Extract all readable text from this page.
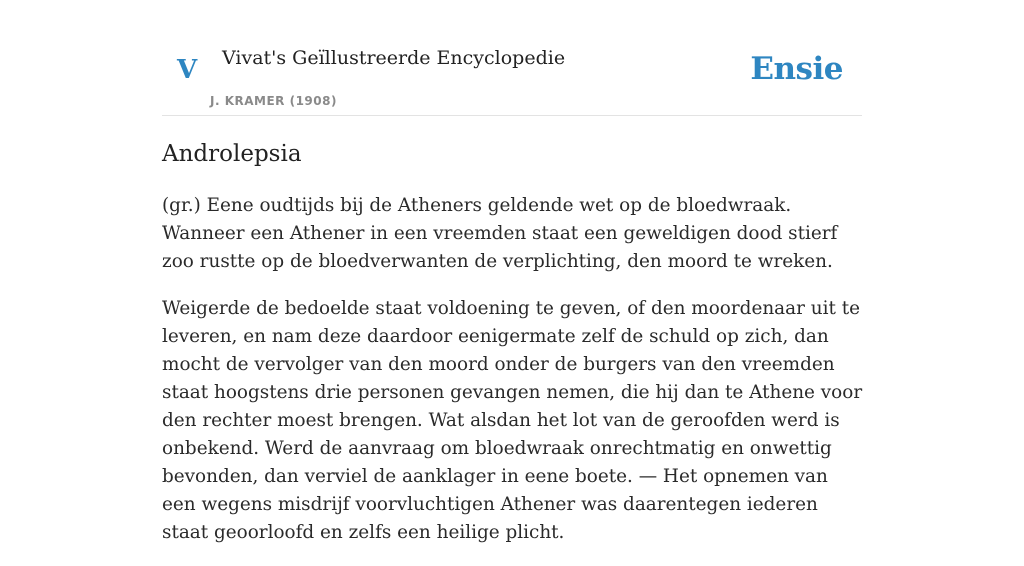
V Vivat's Geïllustreerde Encyclopedie
J. KRAMER (1908)
Ensie
Androlepsia

(gr.) Eene oudtijds bij de Atheners geldende wet op de bloedwraak. Wanneer een Athener in een vreemden staat een geweldigen dood stierf zoo rustte op de bloedverwanten de verplichting, den moord te wreken.

Weigerde de bedoelde staat voldoening te geven, of den moordenaar uit te leveren, en nam deze daardoor eenigermate zelf de schuld op zich, dan mocht de vervolger van den moord onder de burgers van den vreemden staat hoogstens drie personen gevangen nemen, die hij dan te Athene voor den rechter moest brengen. Wat alsdan het lot van de geroofden werd is onbekend. Werd de aanvraag om bloedwraak onrechtmatig en onwettig bevonden, dan verviel de aanklager in eene boete. — Het opnemen van een wegens misdrijf voorvluchtigen Athener was daarentegen iederen staat geoorloofd en zelfs een heilige plicht.
